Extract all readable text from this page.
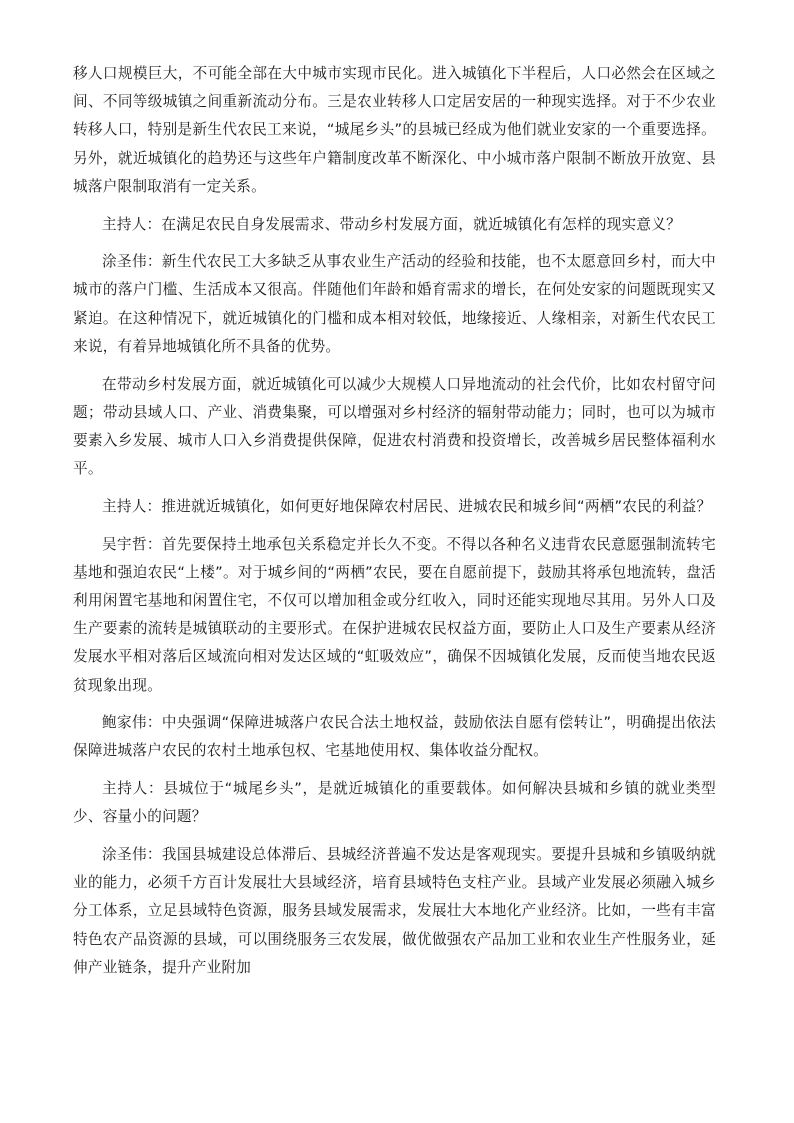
移人口规模巨大，不可能全部在大中城市实现市民化。进入城镇化下半程后，人口必然会在区域之间、不同等级城镇之间重新流动分布。三是农业转移人口定居安居的一种现实选择。对于不少农业转移人口，特别是新生代农民工来说，“城尾乡头”的县城已经成为他们就业安家的一个重要选择。另外，就近城镇化的趋势还与这些年户籍制度改革不断深化、中小城市落户限制不断放开放宽、县城落户限制取消有一定关系。

主持人：在满足农民自身发展需求、带动乡村发展方面，就近城镇化有怎样的现实意义？

涂圣伟：新生代农民工大多缺乏从事农业生产活动的经验和技能，也不太愿意回乡村，而大中城市的落户门槛、生活成本又很高。伴随他们年龄和婚育需求的增长，在何处安家的问题既现实又紧迫。在这种情况下，就近城镇化的门槛和成本相对较低，地缘接近、人缘相亲，对新生代农民工来说，有着异地城镇化所不具备的优势。

在带动乡村发展方面，就近城镇化可以减少大规模人口异地流动的社会代价，比如农村留守问题；带动县域人口、产业、消费集聚，可以增强对乡村经济的辐射带动能力；同时，也可以为城市要素入乡发展、城市人口入乡消费提供保障，促进农村消费和投资增长，改善城乡居民整体福利水平。

主持人：推进就近城镇化，如何更好地保障农村居民、进城农民和城乡间“两栖”农民的利益？

吴宇哲：首先要保持土地承包关系稳定并长久不变。不得以各种名义违背农民意愿强制流转宅基地和强迫农民“上楼”。对于城乡间的“两栖”农民，要在自愿前提下，鼓励其将承包地流转，盘活利用闲置宅基地和闲置住宅，不仅可以增加租金或分红收入，同时还能实现地尽其用。另外人口及生产要素的流转是城镇联动的主要形式。在保护进城农民权益方面，要防止人口及生产要素从经济发展水平相对落后区域流向相对发达区域的“虹吸效应”，确保不因城镇化发展，反而使当地农民返贫现象出现。

鲍家伟：中央强调“保障进城落户农民合法土地权益，鼓励依法自愿有偿转让”，明确提出依法保障进城落户农民的农村土地承包权、宅基地使用权、集体收益分配权。

主持人：县城位于“城尾乡头”，是就近城镇化的重要载体。如何解决县城和乡镇的就业类型少、容量小的问题？

涂圣伟：我国县城建设总体滞后、县城经济普遍不发达是客观现实。要提升县城和乡镇吸纳就业的能力，必须千方百计发展壮大县域经济，培育县域特色支柱产业。县域产业发展必须融入城乡分工体系，立足县域特色资源，服务县域发展需求，发展壮大本地化产业经济。比如，一些有丰富特色农产品资源的县域，可以围绕服务三农发展，做优做强农产品加工业和农业生产性服务业，延伸产业链条，提升产业附加
